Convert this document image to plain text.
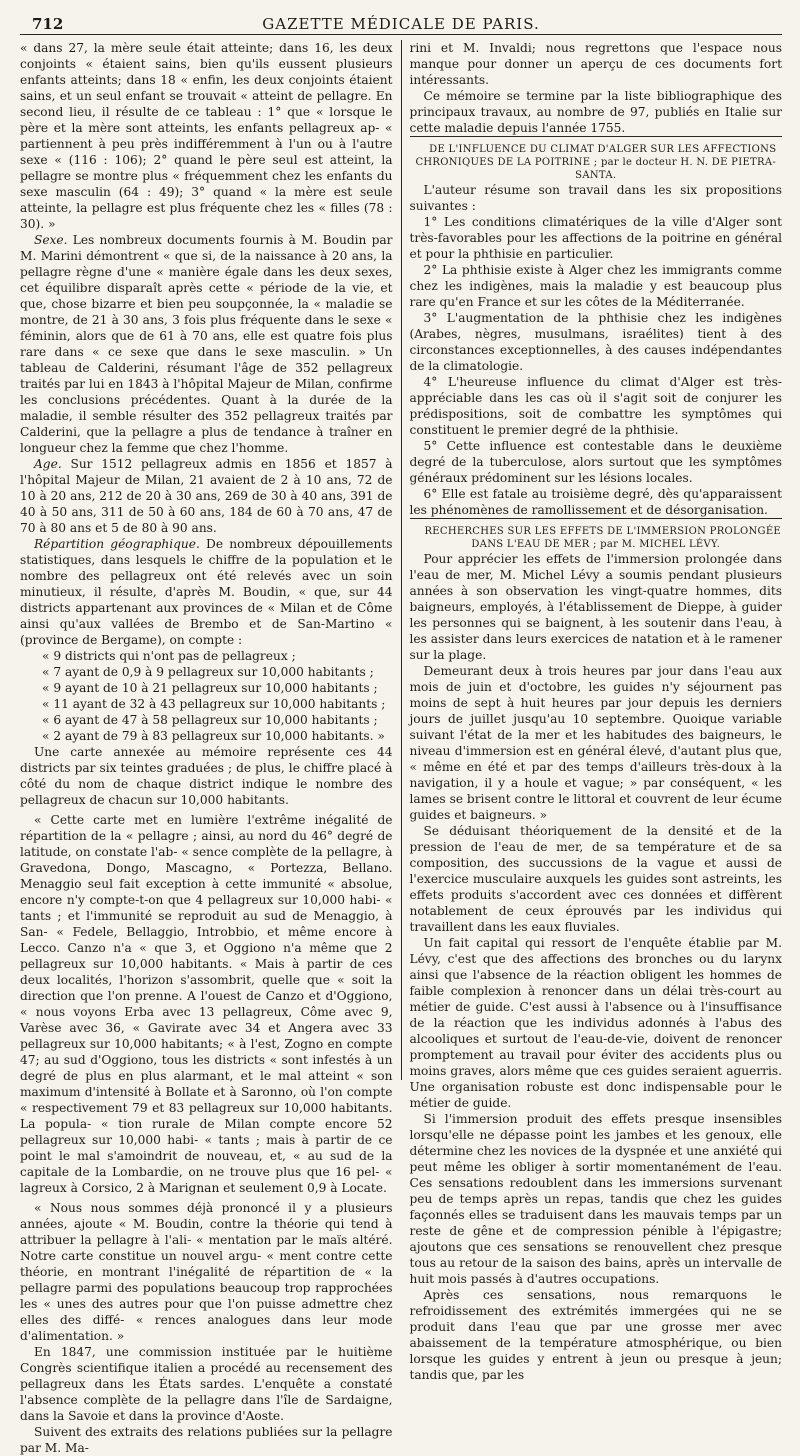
712	GAZETTE MÉDICALE DE PARIS.

« dans 27, la mère seule était atteinte; dans 16, les deux conjoints « étaient sains, bien qu'ils eussent plusieurs enfants atteints; dans 18 « enfin, les deux conjoints étaient sains, et un seul enfant se trouvait « atteint de pellagre. En second lieu, il résulte de ce tableau : 1° que « lorsque le père et la mère sont atteints, les enfants pellagreux ap- « partiennent à peu près indifféremment à l'un ou à l'autre sexe « (116 : 106); 2° quand le père seul est atteint, la pellagre se montre plus « fréquemment chez les enfants du sexe masculin (64 : 49); 3° quand « la mère est seule atteinte, la pellagre est plus fréquente chez les « filles (78 : 30). »

Sexe. Les nombreux documents fournis à M. Boudin par M. Marini démontrent « que si, de la naissance à 20 ans, la pellagre règne d'une « manière égale dans les deux sexes, cet équilibre disparaît après cette « période de la vie, et que, chose bizarre et bien peu soupçonnée, la « maladie se montre, de 21 à 30 ans, 3 fois plus fréquente dans le sexe « féminin, alors que de 61 à 70 ans, elle est quatre fois plus rare dans « ce sexe que dans le sexe masculin. » Un tableau de Calderini, résumant l'âge de 352 pellagreux traités par lui en 1843 à l'hôpital Majeur de Milan, confirme les conclusions précédentes. Quant à la durée de la maladie, il semble résulter des 352 pellagreux traités par Calderini, que la pellagre a plus de tendance à traîner en longueur chez la femme que chez l'homme.

Age. Sur 1512 pellagreux admis en 1856 et 1857 à l'hôpital Majeur de Milan, 21 avaient de 2 à 10 ans, 72 de 10 à 20 ans, 212 de 20 à 30 ans, 269 de 30 à 40 ans, 391 de 40 à 50 ans, 311 de 50 à 60 ans, 184 de 60 à 70 ans, 47 de 70 à 80 ans et 5 de 80 à 90 ans.

Répartition géographique. De nombreux dépouillements statistiques, dans lesquels le chiffre de la population et le nombre des pellagreux ont été relevés avec un soin minutieux, il résulte, d'après M. Boudin, « que, sur 44 districts appartenant aux provinces de « Milan et de Côme ainsi qu'aux vallées de Brembo et de San-Martino « (province de Bergame), on compte :

« 9 districts qui n'ont pas de pellagreux ;

« 7 ayant de 0,9 à 9 pellagreux sur 10,000 habitants ;

« 9 ayant de 10 à 21 pellagreux sur 10,000 habitants ;

« 11 ayant de 32 à 43 pellagreux sur 10,000 habitants ;

« 6 ayant de 47 à 58 pellagreux sur 10,000 habitants ;

« 2 ayant de 79 à 83 pellagreux sur 10,000 habitants. »

Une carte annexée au mémoire représente ces 44 districts par six teintes graduées ; de plus, le chiffre placé à côté du nom de chaque district indique le nombre des pellagreux de chacun sur 10,000 habitants.

« Cette carte met en lumière l'extrême inégalité de répartition de la « pellagre ; ainsi, au nord du 46° degré de latitude, on constate l'ab- « sence complète de la pellagre, à Gravedona, Dongo, Mascagno, « Portezza, Bellano. Menaggio seul fait exception à cette immunité « absolue, encore n'y compte-t-on que 4 pellagreux sur 10,000 habi- « tants ; et l'immunité se reproduit au sud de Menaggio, à San- « Fedele, Bellaggio, Introbbio, et même encore à Lecco. Canzo n'a « que 3, et Oggiono n'a même que 2 pellagreux sur 10,000 habitants. « Mais à partir de ces deux localités, l'horizon s'assombrit, quelle que « soit la direction que l'on prenne. A l'ouest de Canzo et d'Oggiono, « nous voyons Erba avec 13 pellagreux, Côme avec 9, Varèse avec 36, « Gavirate avec 34 et Angera avec 33 pellagreux sur 10,000 habitants; « à l'est, Zogno en compte 47; au sud d'Oggiono, tous les districts « sont infestés à un degré de plus en plus alarmant, et le mal atteint « son maximum d'intensité à Bollate et à Saronno, où l'on compte « respectivement 79 et 83 pellagreux sur 10,000 habitants. La popula- « tion rurale de Milan compte encore 52 pellagreux sur 10,000 habi- « tants ; mais à partir de ce point le mal s'amoindrit de nouveau, et, « au sud de la capitale de la Lombardie, on ne trouve plus que 16 pel- « lagreux à Corsico, 2 à Marignan et seulement 0,9 à Locate.

« Nous nous sommes déjà prononcé il y a plusieurs années, ajoute « M. Boudin, contre la théorie qui tend à attribuer la pellagre à l'ali- « mentation par le maïs altéré. Notre carte constitue un nouvel argu- « ment contre cette théorie, en montrant l'inégalité de répartition de « la pellagre parmi des populations beaucoup trop rapprochées les « unes des autres pour que l'on puisse admettre chez elles des diffé- « rences analogues dans leur mode d'alimentation. »

En 1847, une commission instituée par le huitième Congrès scientifique italien a procédé au recensement des pellagreux dans les États sardes. L'enquête a constaté l'absence complète de la pellagre dans l'île de Sardaigne, dans la Savoie et dans la province d'Aoste.

Suivent des extraits des relations publiées sur la pellagre par M. Ma-

rini et M. Invaldi; nous regrettons que l'espace nous manque pour donner un aperçu de ces documents fort intéressants.

Ce mémoire se termine par la liste bibliographique des principaux travaux, au nombre de 97, publiés en Italie sur cette maladie depuis l'année 1755.

DE L'INFLUENCE DU CLIMAT D'ALGER SUR LES AFFECTIONS CHRONIQUES DE LA POITRINE ; par le docteur H. N. DE PIETRA-SANTA.

L'auteur résume son travail dans les six propositions suivantes :

1° Les conditions climatériques de la ville d'Alger sont très-favorables pour les affections de la poitrine en général et pour la phthisie en particulier.

2° La phthisie existe à Alger chez les immigrants comme chez les indigènes, mais la maladie y est beaucoup plus rare qu'en France et sur les côtes de la Méditerranée.

3° L'augmentation de la phthisie chez les indigènes (Arabes, nègres, musulmans, israélites) tient à des circonstances exceptionnelles, à des causes indépendantes de la climatologie.

4° L'heureuse influence du climat d'Alger est très-appréciable dans les cas où il s'agit soit de conjurer les prédispositions, soit de combattre les symptômes qui constituent le premier degré de la phthisie.

5° Cette influence est contestable dans le deuxième degré de la tuberculose, alors surtout que les symptômes généraux prédominent sur les lésions locales.

6° Elle est fatale au troisième degré, dès qu'apparaissent les phénomènes de ramollissement et de désorganisation.

RECHERCHES SUR LES EFFETS DE L'IMMERSION PROLONGÉE DANS L'EAU DE MER ; par M. MICHEL LÉVY.

Pour apprécier les effets de l'immersion prolongée dans l'eau de mer, M. Michel Lévy a soumis pendant plusieurs années à son observation les vingt-quatre hommes, dits baigneurs, employés, à l'établissement de Dieppe, à guider les personnes qui se baignent, à les soutenir dans l'eau, à les assister dans leurs exercices de natation et à le ramener sur la plage.

Demeurant deux à trois heures par jour dans l'eau aux mois de juin et d'octobre, les guides n'y séjournent pas moins de sept à huit heures par jour depuis les derniers jours de juillet jusqu'au 10 septembre. Quoique variable suivant l'état de la mer et les habitudes des baigneurs, le niveau d'immersion est en général élevé, d'autant plus que, « même en été et par des temps d'ailleurs très-doux à la navigation, il y a houle et vague; » par conséquent, « les lames se brisent contre le littoral et couvrent de leur écume guides et baigneurs. »

Se déduisant théoriquement de la densité et de la pression de l'eau de mer, de sa température et de sa composition, des succussions de la vague et aussi de l'exercice musculaire auxquels les guides sont astreints, les effets produits s'accordent avec ces données et diffèrent notablement de ceux éprouvés par les individus qui travaillent dans les eaux fluviales.

Un fait capital qui ressort de l'enquête établie par M. Lévy, c'est que des affections des bronches ou du larynx ainsi que l'absence de la réaction obligent les hommes de faible complexion à renoncer dans un délai très-court au métier de guide. C'est aussi à l'absence ou à l'insuffisance de la réaction que les individus adonnés à l'abus des alcooliques et surtout de l'eau-de-vie, doivent de renoncer promptement au travail pour éviter des accidents plus ou moins graves, alors même que ces guides seraient aguerris. Une organisation robuste est donc indispensable pour le métier de guide.

Si l'immersion produit des effets presque insensibles lorsqu'elle ne dépasse point les jambes et les genoux, elle détermine chez les novices de la dyspnée et une anxiété qui peut même les obliger à sortir momentanément de l'eau. Ces sensations redoublent dans les immersions survenant peu de temps après un repas, tandis que chez les guides façonnés elles se traduisent dans les mauvais temps par un reste de gêne et de compression pénible à l'épigastre; ajoutons que ces sensations se renouvellent chez presque tous au retour de la saison des bains, après un intervalle de huit mois passés à d'autres occupations.

Après ces sensations, nous remarquons le refroidissement des extrémités immergées qui ne se produit dans l'eau que par une grosse mer avec abaissement de la température atmosphérique, ou bien lorsque les guides y entrent à jeun ou presque à jeun; tandis que, par les
